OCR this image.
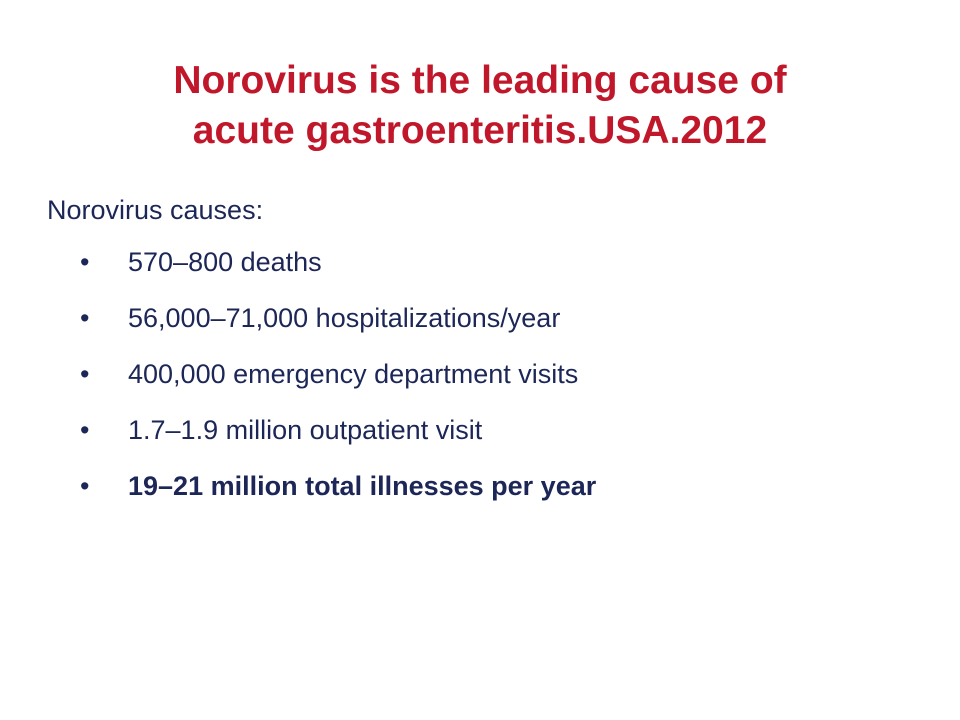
Norovirus is the leading cause of
acute gastroenteritis.USA.2012
Norovirus causes:
• 570–800 deaths
• 56,000–71,000 hospitalizations/year
• 400,000 emergency department visits
• 1.7–1.9 million outpatient visit
• 19–21 million total illnesses per year
